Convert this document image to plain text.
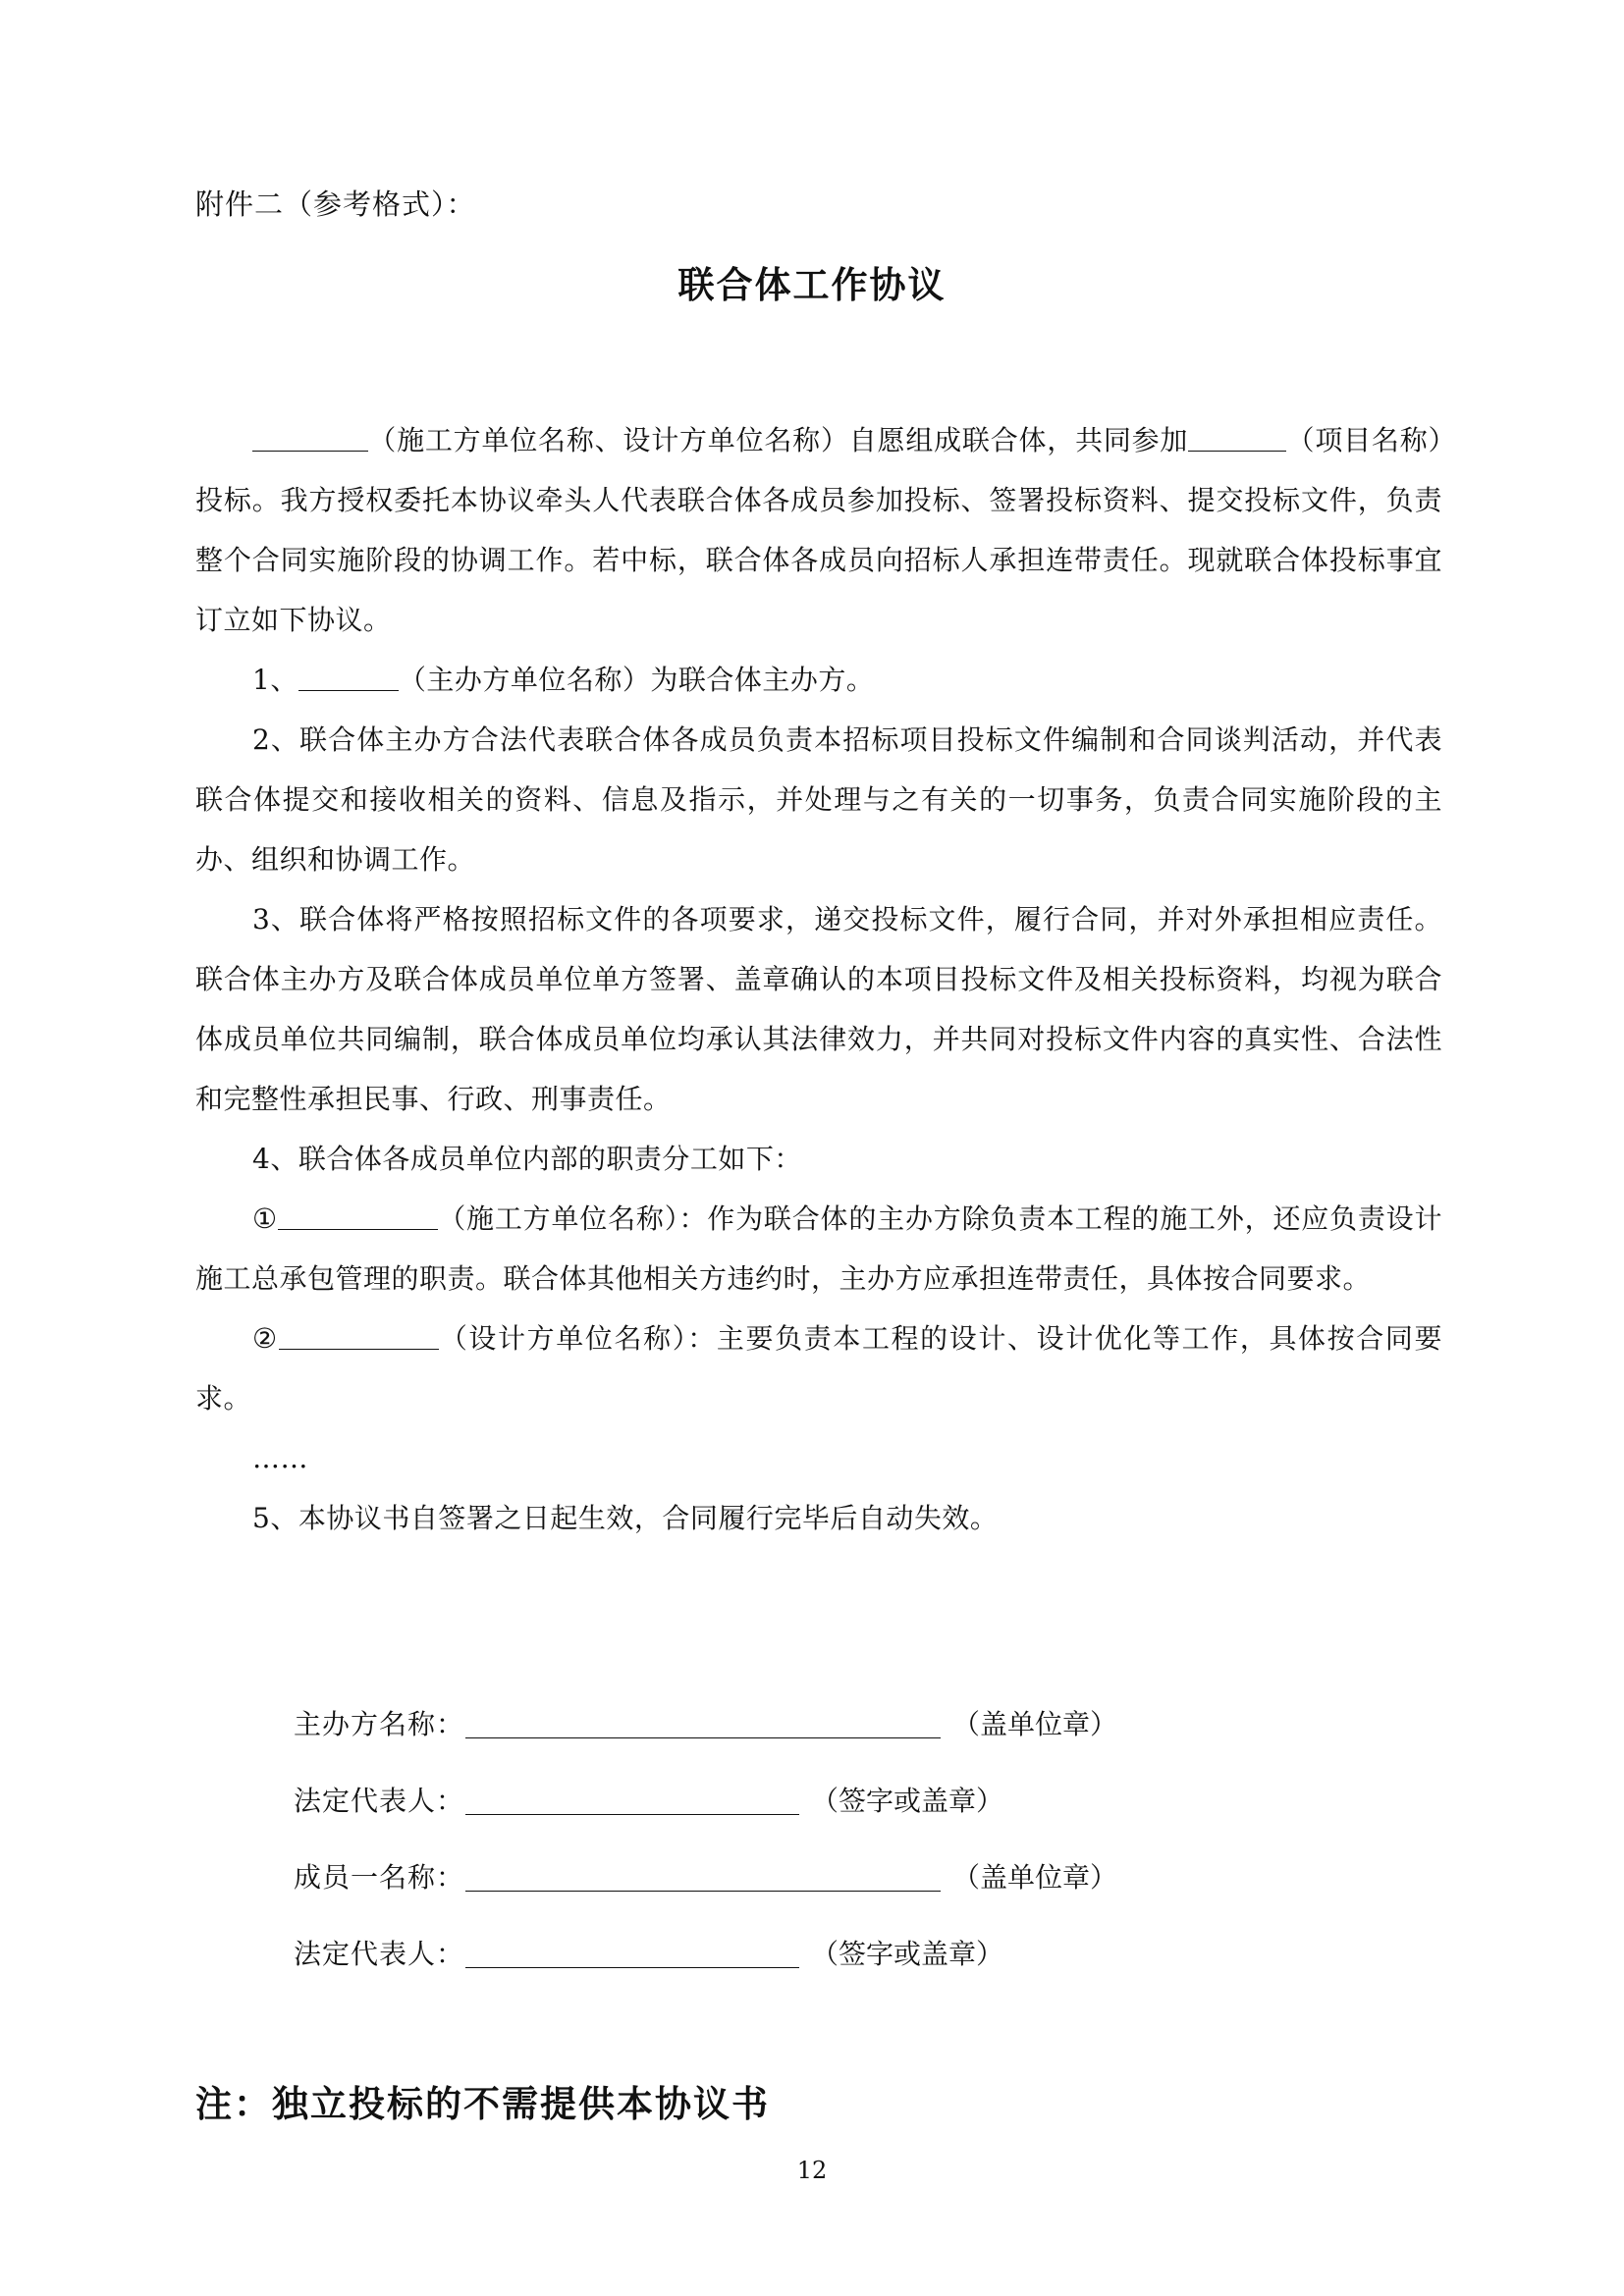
附件二（参考格式）：
联合体工作协议

（施工方单位名称、设计方单位名称）自愿组成联合体，共同参加	（项目名称）投标。我方授权委托本协议牵头人代表联合体各成员参加投标、签署投标资料、提交投标文件，负责整个合同实施阶段的协调工作。若中标，联合体各成员向招标人承担连带责任。现就联合体投标事宜订立如下协议。

1、	（主办方单位名称）为联合体主办方。

2、联合体主办方合法代表联合体各成员负责本招标项目投标文件编制和合同谈判活动，并代表联合体提交和接收相关的资料、信息及指示，并处理与之有关的一切事务，负责合同实施阶段的主办、组织和协调工作。

3、联合体将严格按照招标文件的各项要求，递交投标文件，履行合同，并对外承担相应责任。联合体主办方及联合体成员单位单方签署、盖章确认的本项目投标文件及相关投标资料，均视为联合体成员单位共同编制，联合体成员单位均承认其法律效力，并共同对投标文件内容的真实性、合法性和完整性承担民事、行政、刑事责任。

4、联合体各成员单位内部的职责分工如下：

①	（施工方单位名称）：作为联合体的主办方除负责本工程的施工外，还应负责设计施工总承包管理的职责。联合体其他相关方违约时，主办方应承担连带责任，具体按合同要求。

②	（设计方单位名称）：主要负责本工程的设计、设计优化等工作，具体按合同要求。

……

5、本协议书自签署之日起生效，合同履行完毕后自动失效。

主办方名称：	（盖单位章）
法定代表人：	（签字或盖章）
成员一名称：	（盖单位章）
法定代表人：	（签字或盖章）
注：独立投标的不需提供本协议书
12
